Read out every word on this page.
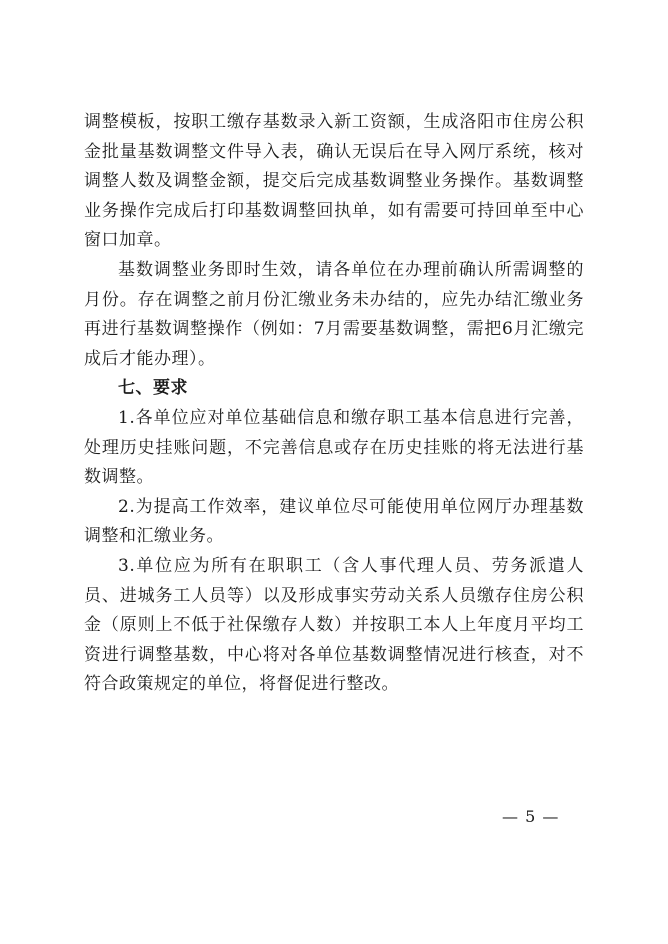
调整模板，按职工缴存基数录入新工资额，生成洛阳市住房公积金批量基数调整文件导入表，确认无误后在导入网厅系统，核对调整人数及调整金额，提交后完成基数调整业务操作。基数调整业务操作完成后打印基数调整回执单，如有需要可持回单至中心窗口加章。

基数调整业务即时生效，请各单位在办理前确认所需调整的月份。存在调整之前月份汇缴业务未办结的，应先办结汇缴业务再进行基数调整操作（例如：7月需要基数调整，需把6月汇缴完成后才能办理）。

七、要求

1.各单位应对单位基础信息和缴存职工基本信息进行完善，处理历史挂账问题，不完善信息或存在历史挂账的将无法进行基数调整。

2.为提高工作效率，建议单位尽可能使用单位网厅办理基数调整和汇缴业务。

3.单位应为所有在职职工（含人事代理人员、劳务派遣人员、进城务工人员等）以及形成事实劳动关系人员缴存住房公积金（原则上不低于社保缴存人数）并按职工本人上年度月平均工资进行调整基数，中心将对各单位基数调整情况进行核查，对不符合政策规定的单位，将督促进行整改。

— 5 —
